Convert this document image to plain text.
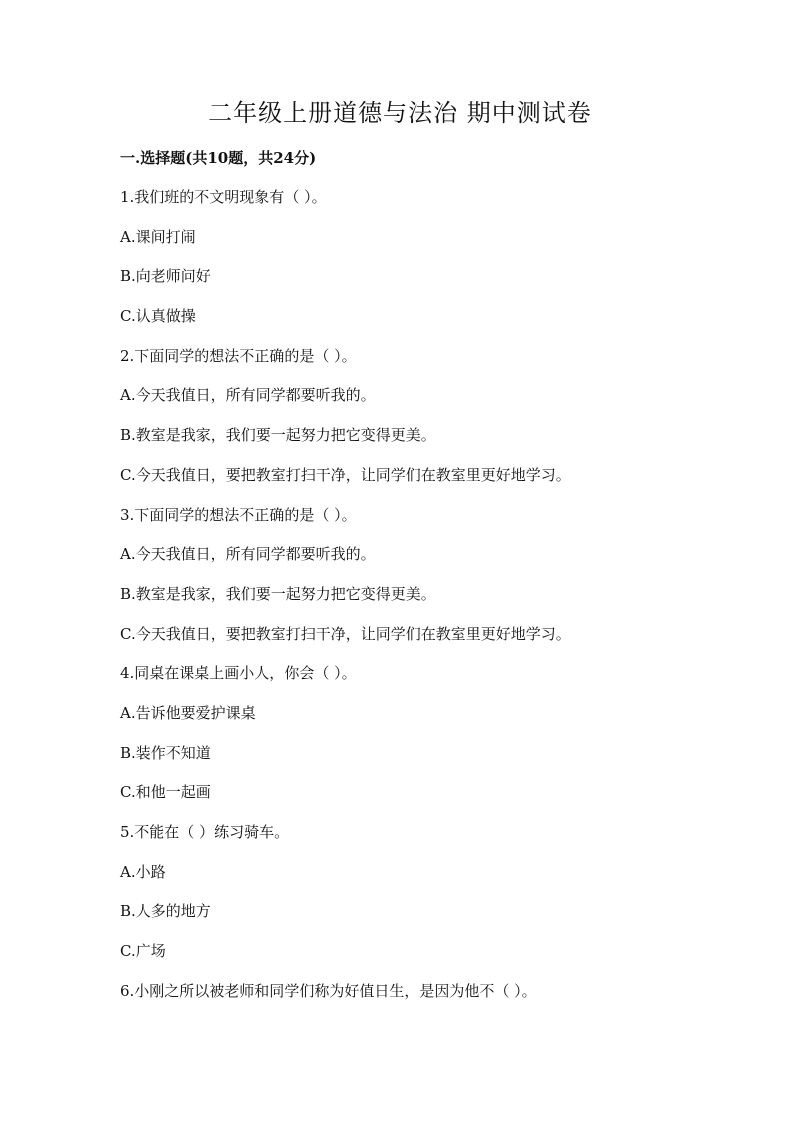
二年级上册道德与法治 期中测试卷
一.选择题(共10题，共24分)
1.我们班的不文明现象有（ ）。
A.课间打闹
B.向老师问好
C.认真做操
2.下面同学的想法不正确的是（ ）。
A.今天我值日，所有同学都要听我的。
B.教室是我家，我们要一起努力把它变得更美。
C.今天我值日，要把教室打扫干净，让同学们在教室里更好地学习。
3.下面同学的想法不正确的是（ ）。
A.今天我值日，所有同学都要听我的。
B.教室是我家，我们要一起努力把它变得更美。
C.今天我值日，要把教室打扫干净，让同学们在教室里更好地学习。
4.同桌在课桌上画小人，你会（ ）。
A.告诉他要爱护课桌
B.装作不知道
C.和他一起画
5.不能在（ ）练习骑车。
A.小路
B.人多的地方
C.广场
6.小刚之所以被老师和同学们称为好值日生，是因为他不（ ）。
